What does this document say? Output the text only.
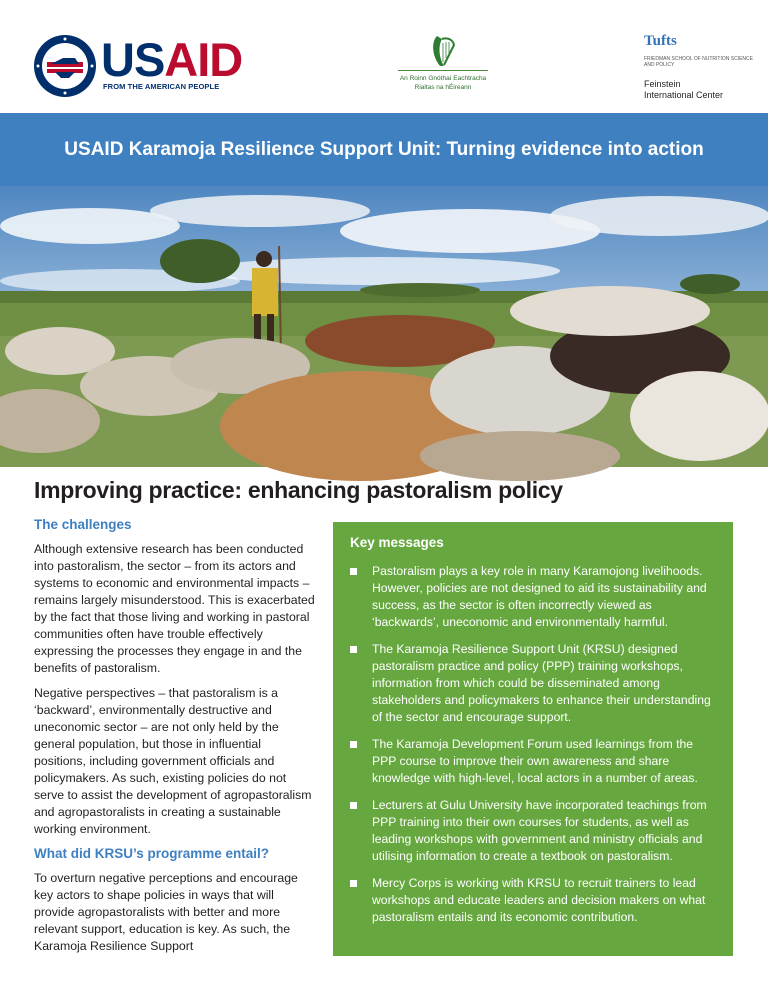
USAID
FROM THE AMERICAN PEOPLE
An Roinn Gnóthaí Eachtracha
Rialtas na hÉireann
Tufts
FRIEDMAN SCHOOL OF NUTRITION SCIENCE AND POLICY
Feinstein
International Center
USAID Karamoja Resilience Support Unit: Turning evidence into action
© Kevin Di Salvo
Improving practice: enhancing pastoralism policy
The challenges

Although extensive research has been conducted into pastoralism, the sector – from its actors and systems to economic and environmental impacts – remains largely misunderstood. This is exacerbated by the fact that those living and working in pastoral communities often have trouble effectively expressing the processes they engage in and the benefits of pastoralism.

Negative perspectives – that pastoralism is a ‘backward’, environmentally destructive and uneconomic sector – are not only held by the general population, but those in influential positions, including government officials and policymakers. As such, existing policies do not serve to assist the development of agropastoralism and agropastoralists in creating a sustainable working environment.

What did KRSU’s programme entail?

To overturn negative perceptions and encourage key actors to shape policies in ways that will provide agropastoralists with better and more relevant support, education is key. As such, the Karamoja Resilience Support

Key messages
Pastoralism plays a key role in many Karamojong livelihoods. However, policies are not designed to aid its sustainability and success, as the sector is often incorrectly viewed as ‘backwards’, uneconomic and environmentally harmful.
The Karamoja Resilience Support Unit (KRSU) designed pastoralism practice and policy (PPP) training workshops, information from which could be disseminated among stakeholders and policymakers to enhance their understanding of the sector and encourage support.
The Karamoja Development Forum used learnings from the PPP course to improve their own awareness and share knowledge with high-level, local actors in a number of areas.
Lecturers at Gulu University have incorporated teachings from PPP training into their own courses for students, as well as leading workshops with government and ministry officials and utilising information to create a textbook on pastoralism.
Mercy Corps is working with KRSU to recruit trainers to lead workshops and educate leaders and decision makers on what pastoralism entails and its economic contribution.
